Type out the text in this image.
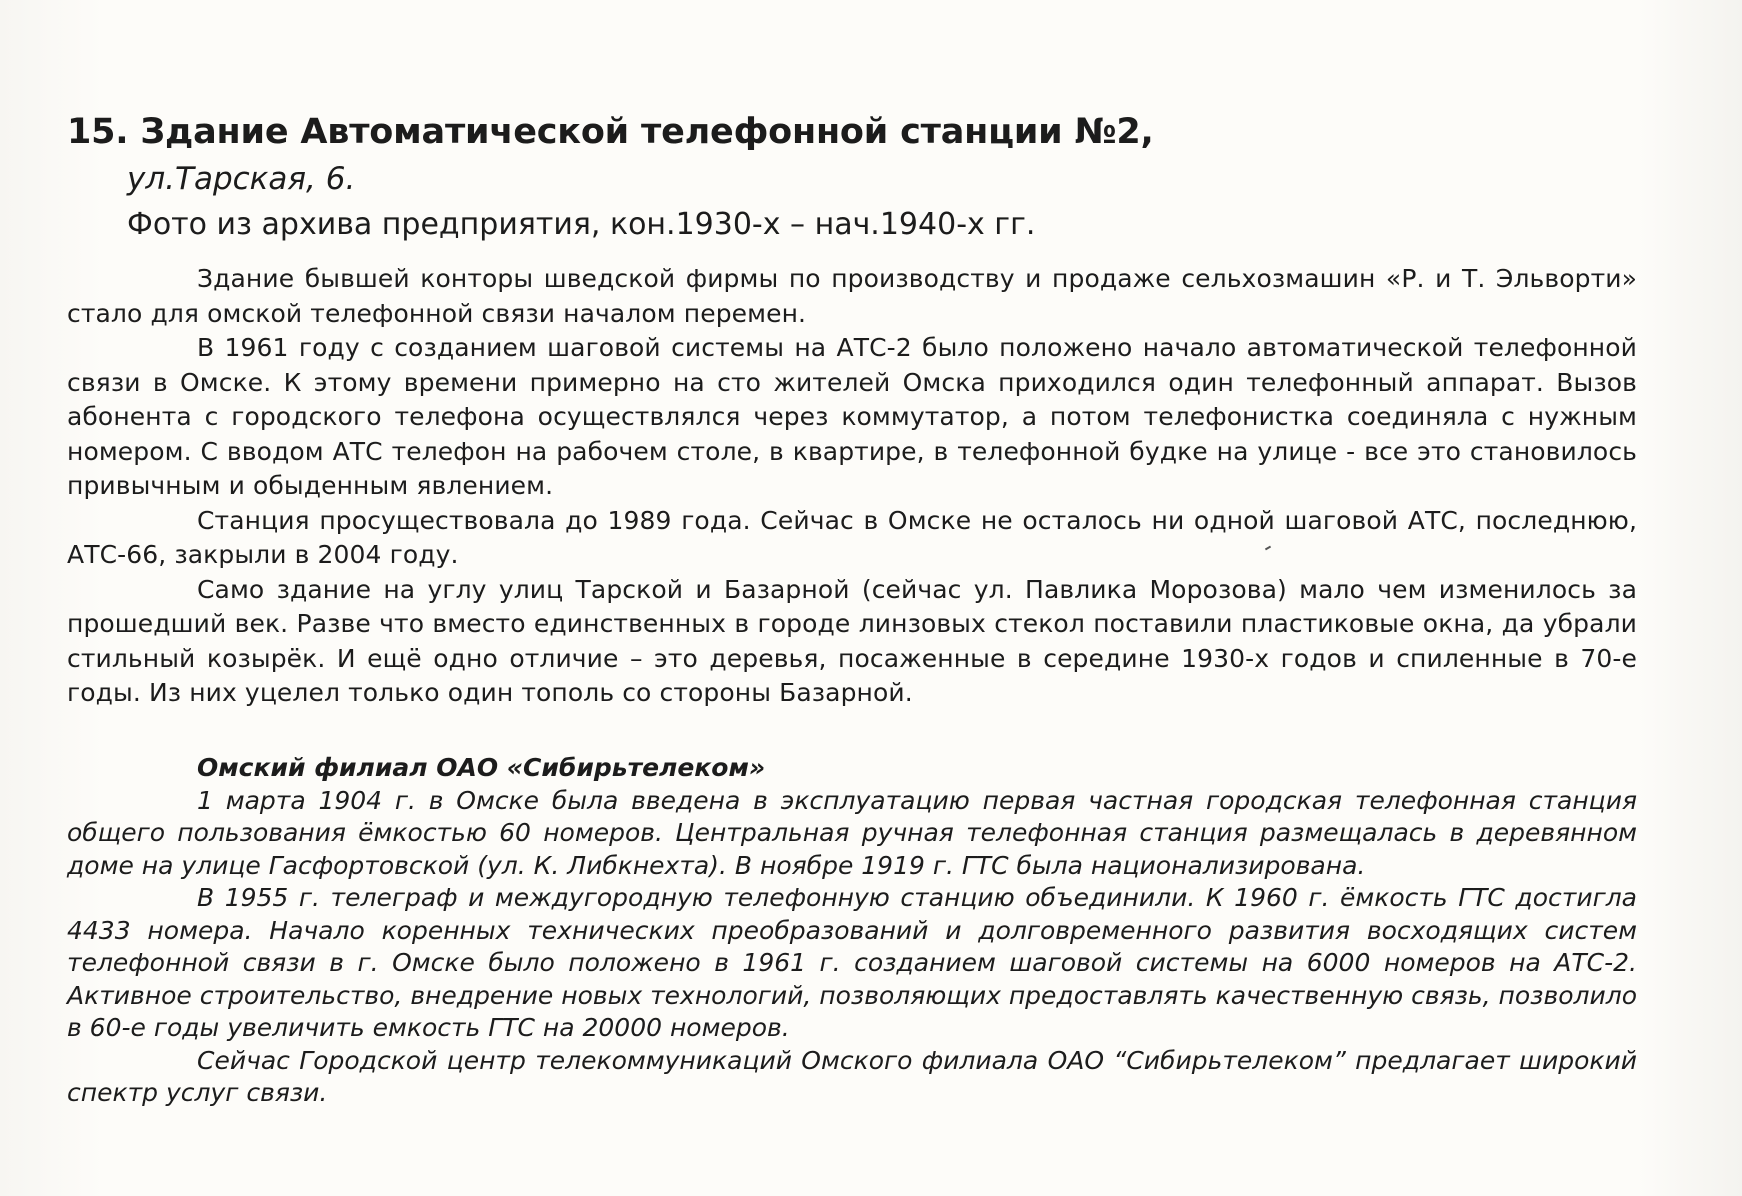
15. Здание Автоматической телефонной станции №2,
ул.Тарская, 6.
Фото из архива предприятия, кон.1930-х – нач.1940-х гг.

Здание бывшей конторы шведской фирмы по производству и продаже сельхозмашин «Р. и Т. Эльворти» стало для омской телефонной связи началом перемен.

В 1961 году с созданием шаговой системы на АТС-2 было положено начало автоматической телефонной связи в Омске. К этому времени примерно на сто жителей Омска приходился один телефонный аппарат. Вызов абонента с городского телефона осуществлялся через коммутатор, а потом телефонистка соединяла с нужным номером. С вводом АТС телефон на рабочем столе, в квартире, в телефонной будке на улице - все это становилось привычным и обыденным явлением.

Станция просуществовала до 1989 года. Сейчас в Омске не осталось ни одной шаговой АТС, последнюю, АТС-66, закрыли в 2004 году.

Само здание на углу улиц Тарской и Базарной (сейчас ул. Павлика Морозова) мало чем изменилось за прошедший век. Разве что вместо единственных в городе линзовых стекол поставили пластиковые окна, да убрали стильный козырёк. И ещё одно отличие – это деревья, посаженные в середине 1930-х годов и спиленные в 70-е годы. Из них уцелел только один тополь со стороны Базарной.

Омский филиал ОАО «Сибирьтелеком»

1 марта 1904 г. в Омске была введена в эксплуатацию первая частная городская телефонная станция общего пользования ёмкостью 60 номеров. Центральная ручная телефонная станция размещалась в деревянном доме на улице Гасфортовской (ул. К. Либкнехта). В ноябре 1919 г. ГТС была национализирована.

В 1955 г. телеграф и междугородную телефонную станцию объединили. К 1960 г. ёмкость ГТС достигла 4433 номера. Начало коренных технических преобразований и долговременного развития восходящих систем телефонной связи в г. Омске было положено в 1961 г. созданием шаговой системы на 6000 номеров на АТС-2. Активное строительство, внедрение новых технологий, позволяющих предоставлять качественную связь, позволило в 60-е годы увеличить емкость ГТС на 20000 номеров.

Сейчас Городской центр телекоммуникаций Омского филиала ОАО “Сибирьтелеком” предлагает широкий спектр услуг связи.
